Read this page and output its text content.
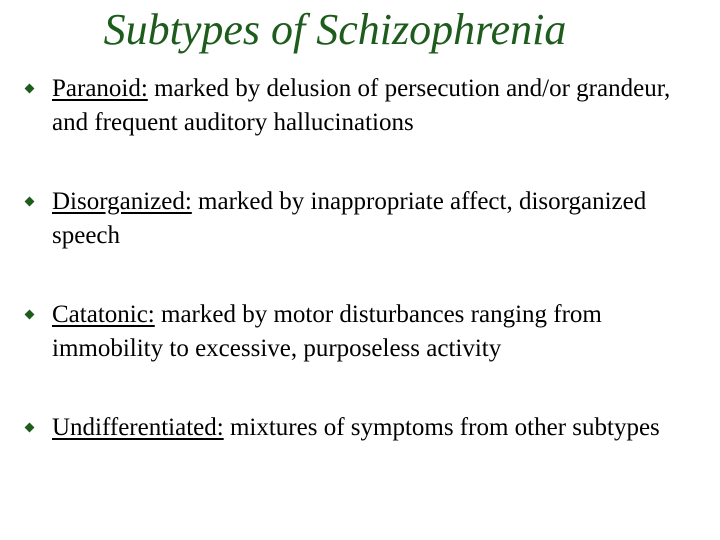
Subtypes of Schizophrenia
Paranoid: marked by delusion of persecution and/or grandeur, and frequent auditory hallucinations
Disorganized: marked by inappropriate affect, disorganized speech
Catatonic: marked by motor disturbances ranging from immobility to excessive, purposeless activity
Undifferentiated: mixtures of symptoms from other subtypes
